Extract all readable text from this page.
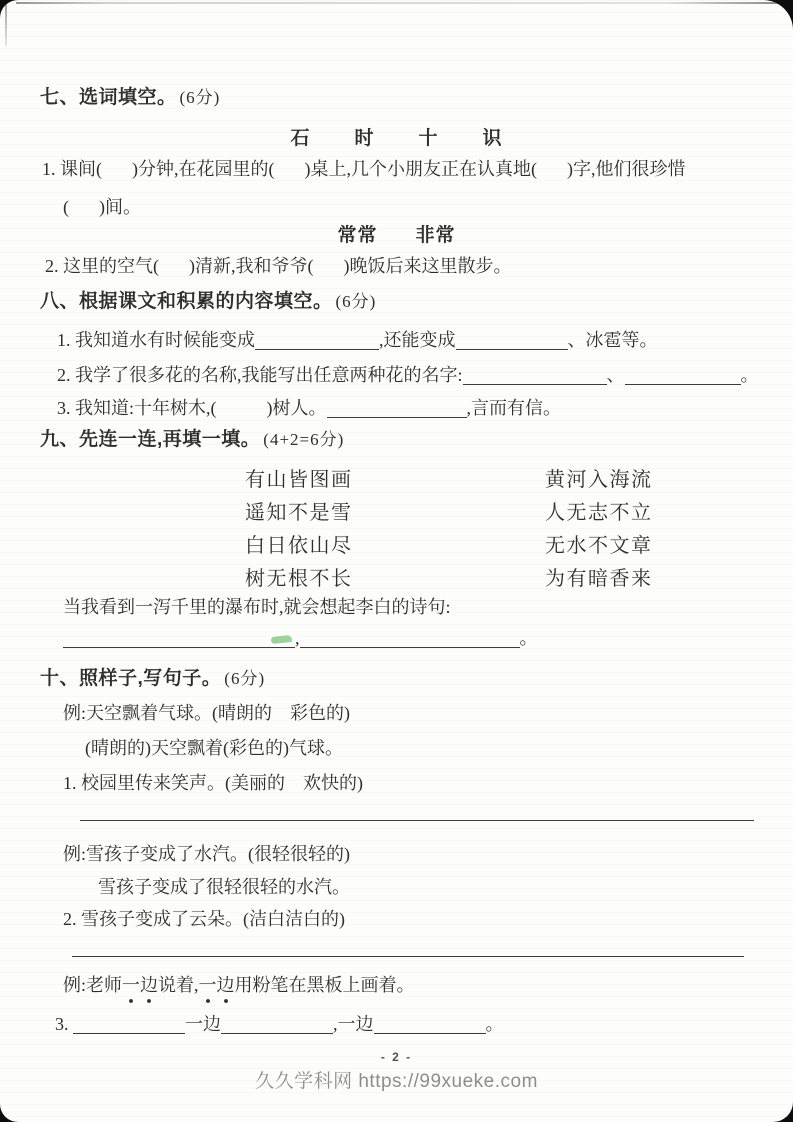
七、选词填空。 (6分)
石 时 十 识
1. 课间( )分钟,在花园里的( )桌上,几个小朋友正在认真地( )字,他们很珍惜
( )间。
常常 非常
2. 这里的空气( )清新,我和爷爷( )晚饭后来这里散步。
八、根据课文和积累的内容填空。 (6分)
1. 我知道水有时候能变成	,还能变成	、冰雹等。
2. 我学了很多花的名称,我能写出任意两种花的名字:	、	。
3. 我知道:十年树木,(	)树人。	,言而有信。
九、先连一连,再填一填。 (4+2=6分)
有山皆图画	黄河入海流
遥知不是雪	人无志不立
白日依山尽	无水不文章
树无根不长	为有暗香来
当我看到一泻千里的瀑布时,就会想起李白的诗句:
,	。
十、照样子,写句子。 (6分)
例:天空飘着气球。(晴朗的　彩色的)
(晴朗的)天空飘着(彩色的)气球。
1. 校园里传来笑声。(美丽的　欢快的)
例:雪孩子变成了水汽。(很轻很轻的)
雪孩子变成了很轻很轻的水汽。
2. 雪孩子变成了云朵。(洁白洁白的)
例:老师一边说着,一边用粉笔在黑板上画着。
3.	一边	,一边	。
- 2 -
久久学科网 https://99xueke.com
